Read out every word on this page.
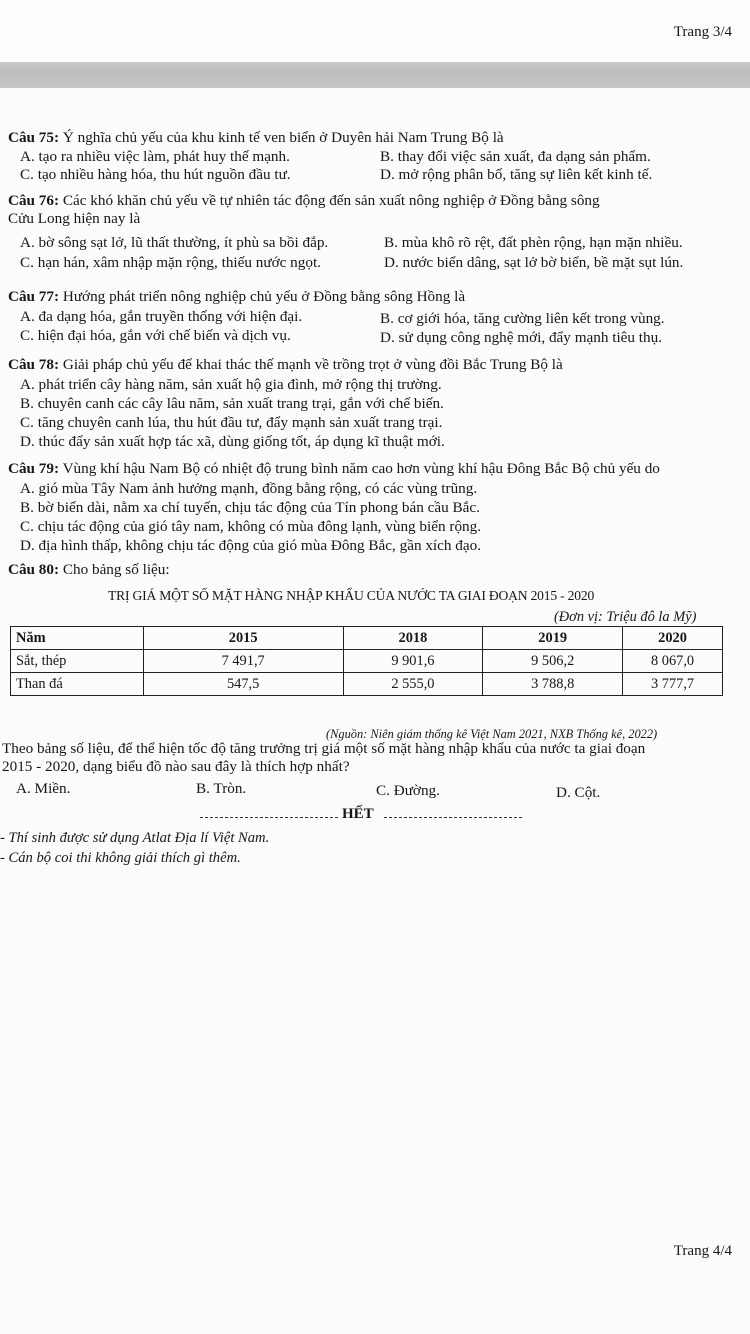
Trang 3/4
Câu 75: Ý nghĩa chủ yếu của khu kinh tế ven biển ở Duyên hải Nam Trung Bộ là
A. tạo ra nhiều việc làm, phát huy thế mạnh.	B. thay đổi việc sản xuất, đa dạng sản phẩm.
C. tạo nhiều hàng hóa, thu hút nguồn đầu tư.	D. mở rộng phân bố, tăng sự liên kết kinh tế.
Câu 76: Các khó khăn chủ yếu về tự nhiên tác động đến sản xuất nông nghiệp ở Đồng bằng sông
Cửu Long hiện nay là
A. bờ sông sạt lở, lũ thất thường, ít phù sa bồi đắp.	B. mùa khô rõ rệt, đất phèn rộng, hạn mặn nhiều.
C. hạn hán, xâm nhập mặn rộng, thiếu nước ngọt.	D. nước biển dâng, sạt lở bờ biển, bề mặt sụt lún.
Câu 77: Hướng phát triển nông nghiệp chủ yếu ở Đồng bằng sông Hồng là
A. đa dạng hóa, gắn truyền thống với hiện đại.	B. cơ giới hóa, tăng cường liên kết trong vùng.
C. hiện đại hóa, gắn với chế biến và dịch vụ.	D. sử dụng công nghệ mới, đẩy mạnh tiêu thụ.
Câu 78: Giải pháp chủ yếu để khai thác thế mạnh về trồng trọt ở vùng đồi Bắc Trung Bộ là
A. phát triển cây hàng năm, sản xuất hộ gia đình, mở rộng thị trường.
B. chuyên canh các cây lâu năm, sản xuất trang trại, gắn với chế biến.
C. tăng chuyên canh lúa, thu hút đầu tư, đẩy mạnh sản xuất trang trại.
D. thúc đẩy sản xuất hợp tác xã, dùng giống tốt, áp dụng kĩ thuật mới.
Câu 79: Vùng khí hậu Nam Bộ có nhiệt độ trung bình năm cao hơn vùng khí hậu Đông Bắc Bộ chủ yếu do
A. gió mùa Tây Nam ảnh hưởng mạnh, đồng bằng rộng, có các vùng trũng.
B. bờ biển dài, nằm xa chí tuyến, chịu tác động của Tín phong bán cầu Bắc.
C. chịu tác động của gió tây nam, không có mùa đông lạnh, vùng biển rộng.
D. địa hình thấp, không chịu tác động của gió mùa Đông Bắc, gần xích đạo.
Câu 80: Cho bảng số liệu:
TRỊ GIÁ MỘT SỐ MẶT HÀNG NHẬP KHẨU CỦA NƯỚC TA GIAI ĐOẠN 2015 - 2020
(Đơn vị: Triệu đô la Mỹ)
Năm	2015	2018	2019	2020
Sắt, thép	7 491,7	9 901,6	9 506,2	8 067,0
Than đá	547,5	2 555,0	3 788,8	3 777,7
(Nguồn: Niên giám thống kê Việt Nam 2021, NXB Thống kê, 2022)
Theo bảng số liệu, để thể hiện tốc độ tăng trưởng trị giá một số mặt hàng nhập khẩu của nước ta giai đoạn
2015 - 2020, dạng biểu đồ nào sau đây là thích hợp nhất?
A. Miền.	B. Tròn.	C. Đường.	D. Cột.
HẾT
- Thí sinh được sử dụng Atlat Địa lí Việt Nam.
- Cán bộ coi thi không giải thích gì thêm.
Trang 4/4
